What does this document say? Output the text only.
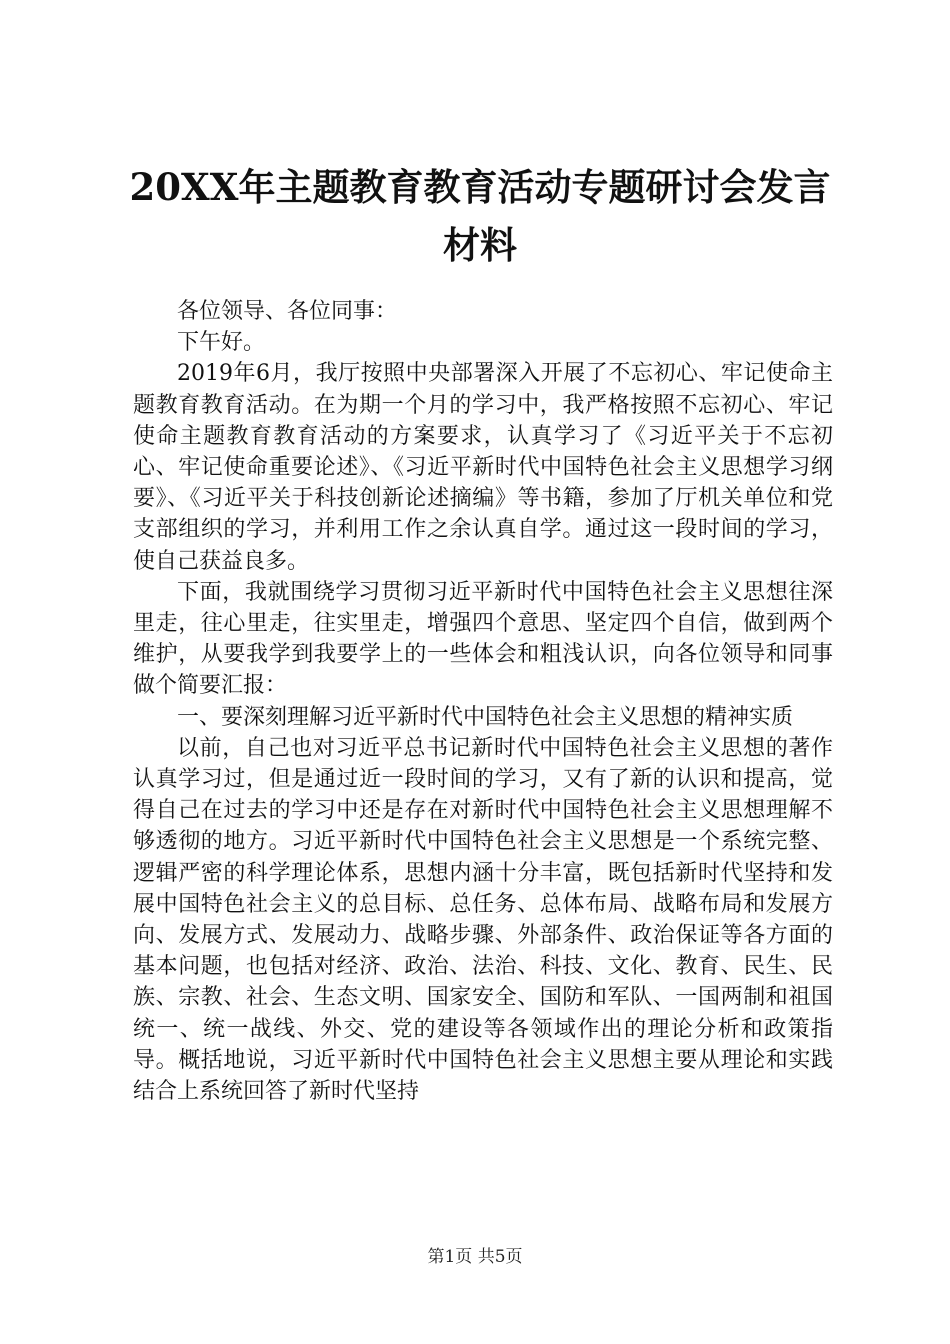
20XX年主题教育教育活动专题研讨会发言材料

各位领导、各位同事：

下午好。

2019年6月，我厅按照中央部署深入开展了不忘初心、牢记使命主题教育教育活动。在为期一个月的学习中，我严格按照不忘初心、牢记使命主题教育教育活动的方案要求，认真学习了《习近平关于不忘初心、牢记使命重要论述》、《习近平新时代中国特色社会主义思想学习纲要》、《习近平关于科技创新论述摘编》等书籍，参加了厅机关单位和党支部组织的学习，并利用工作之余认真自学。通过这一段时间的学习，使自己获益良多。

下面，我就围绕学习贯彻习近平新时代中国特色社会主义思想往深里走，往心里走，往实里走，增强四个意思、坚定四个自信，做到两个维护，从要我学到我要学上的一些体会和粗浅认识，向各位领导和同事做个简要汇报：

一、要深刻理解习近平新时代中国特色社会主义思想的精神实质

以前，自己也对习近平总书记新时代中国特色社会主义思想的著作认真学习过，但是通过近一段时间的学习，又有了新的认识和提高，觉得自己在过去的学习中还是存在对新时代中国特色社会主义思想理解不够透彻的地方。习近平新时代中国特色社会主义思想是一个系统完整、逻辑严密的科学理论体系，思想内涵十分丰富，既包括新时代坚持和发展中国特色社会主义的总目标、总任务、总体布局、战略布局和发展方向、发展方式、发展动力、战略步骤、外部条件、政治保证等各方面的基本问题，也包括对经济、政治、法治、科技、文化、教育、民生、民族、宗教、社会、生态文明、国家安全、国防和军队、一国两制和祖国统一、统一战线、外交、党的建设等各领域作出的理论分析和政策指导。概括地说，习近平新时代中国特色社会主义思想主要从理论和实践结合上系统回答了新时代坚持

第1页 共5页
